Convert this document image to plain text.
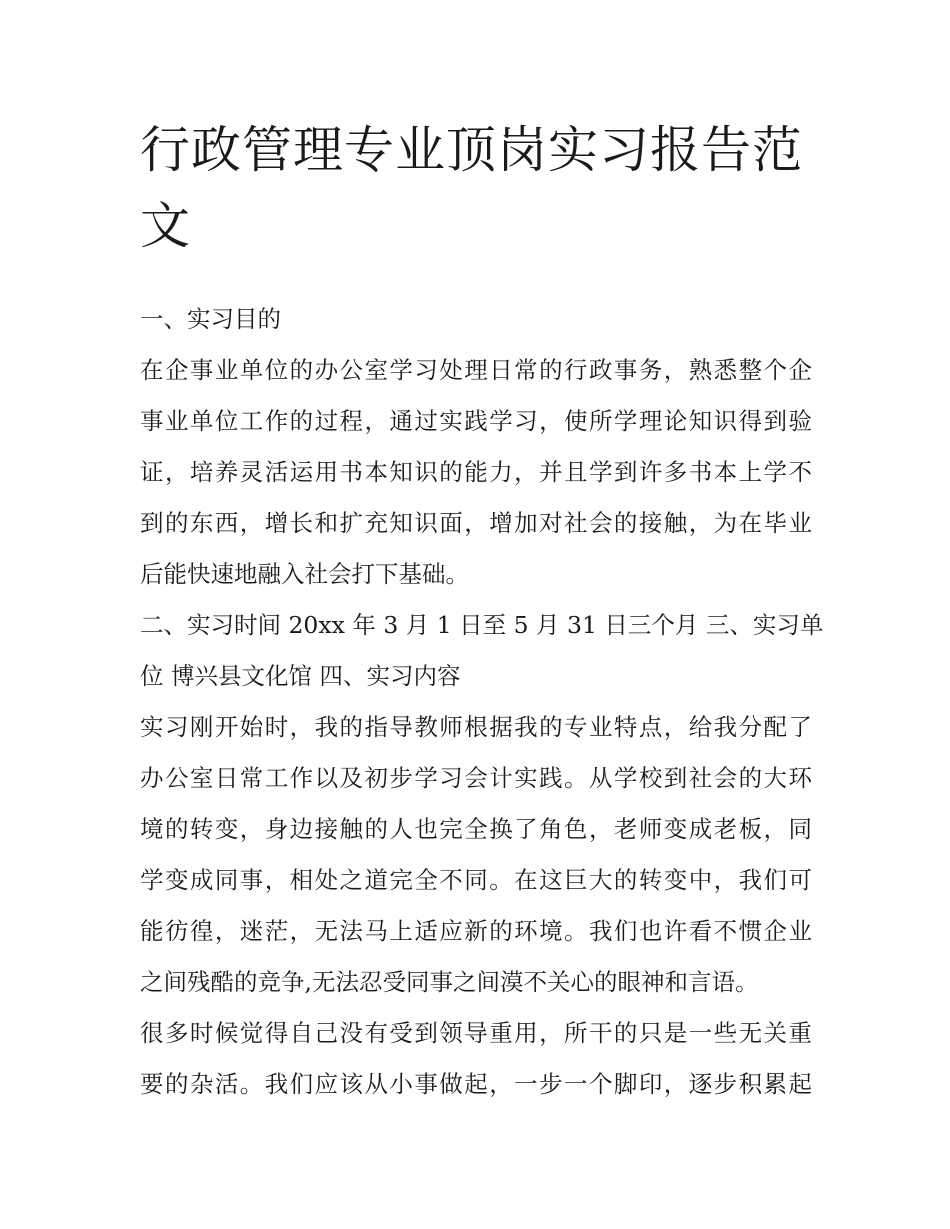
行政管理专业顶岗实习报告范
文
一、实习目的
在企事业单位的办公室学习处理日常的行政事务，熟悉整个企
事业单位工作的过程，通过实践学习，使所学理论知识得到验
证，培养灵活运用书本知识的能力，并且学到许多书本上学不
到的东西，增长和扩充知识面，增加对社会的接触，为在毕业
后能快速地融入社会打下基础。
二、实习时间 20xx 年 3 月 1 日至 5 月 31 日三个月 三、实习单
位 博兴县文化馆 四、实习内容
实习刚开始时，我的指导教师根据我的专业特点，给我分配了
办公室日常工作以及初步学习会计实践。从学校到社会的大环
境的转变，身边接触的人也完全换了角色，老师变成老板，同
学变成同事，相处之道完全不同。在这巨大的转变中，我们可
能彷徨，迷茫，无法马上适应新的环境。我们也许看不惯企业
之间残酷的竞争,无法忍受同事之间漠不关心的眼神和言语。
很多时候觉得自己没有受到领导重用，所干的只是一些无关重
要的杂活。我们应该从小事做起，一步一个脚印，逐步积累起
